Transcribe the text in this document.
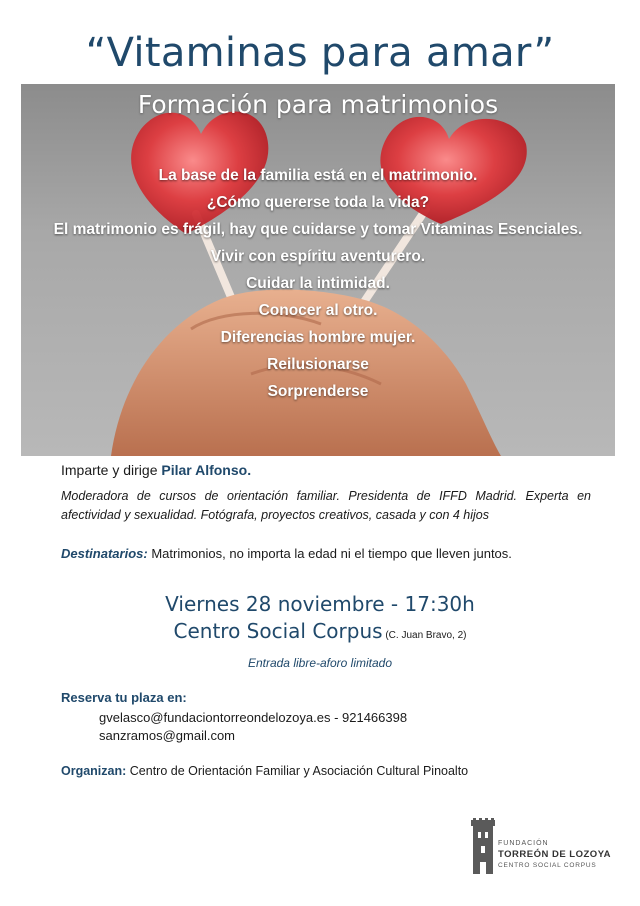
“Vitaminas para amar”
Formación para matrimonios
La base de la familia está en el matrimonio.
¿Cómo quererse toda la vida?
El matrimonio es frágil, hay que cuidarse y tomar Vitaminas Esenciales.
Vivir con espíritu aventurero.
Cuidar la intimidad.
Conocer al otro.
Diferencias hombre mujer.
Reilusionarse
Sorprenderse
Imparte y dirige Pilar Alfonso.
Moderadora de cursos de orientación familiar. Presidenta de IFFD Madrid. Experta en afectividad y sexualidad. Fotógrafa, proyectos creativos, casada y con 4 hijos
Destinatarios: Matrimonios, no importa la edad ni el tiempo que lleven juntos.
Viernes 28 noviembre - 17:30h
Centro Social Corpus (C. Juan Bravo, 2)
Entrada libre-aforo limitado
Reserva tu plaza en:
gvelasco@fundaciontorreondelozoya.es - 921466398
sanzramos@gmail.com
Organizan: Centro de Orientación Familiar y Asociación Cultural Pinoalto
FUNDACIÓN
TORREÓN DE LOZOYA
CENTRO SOCIAL CORPUS
